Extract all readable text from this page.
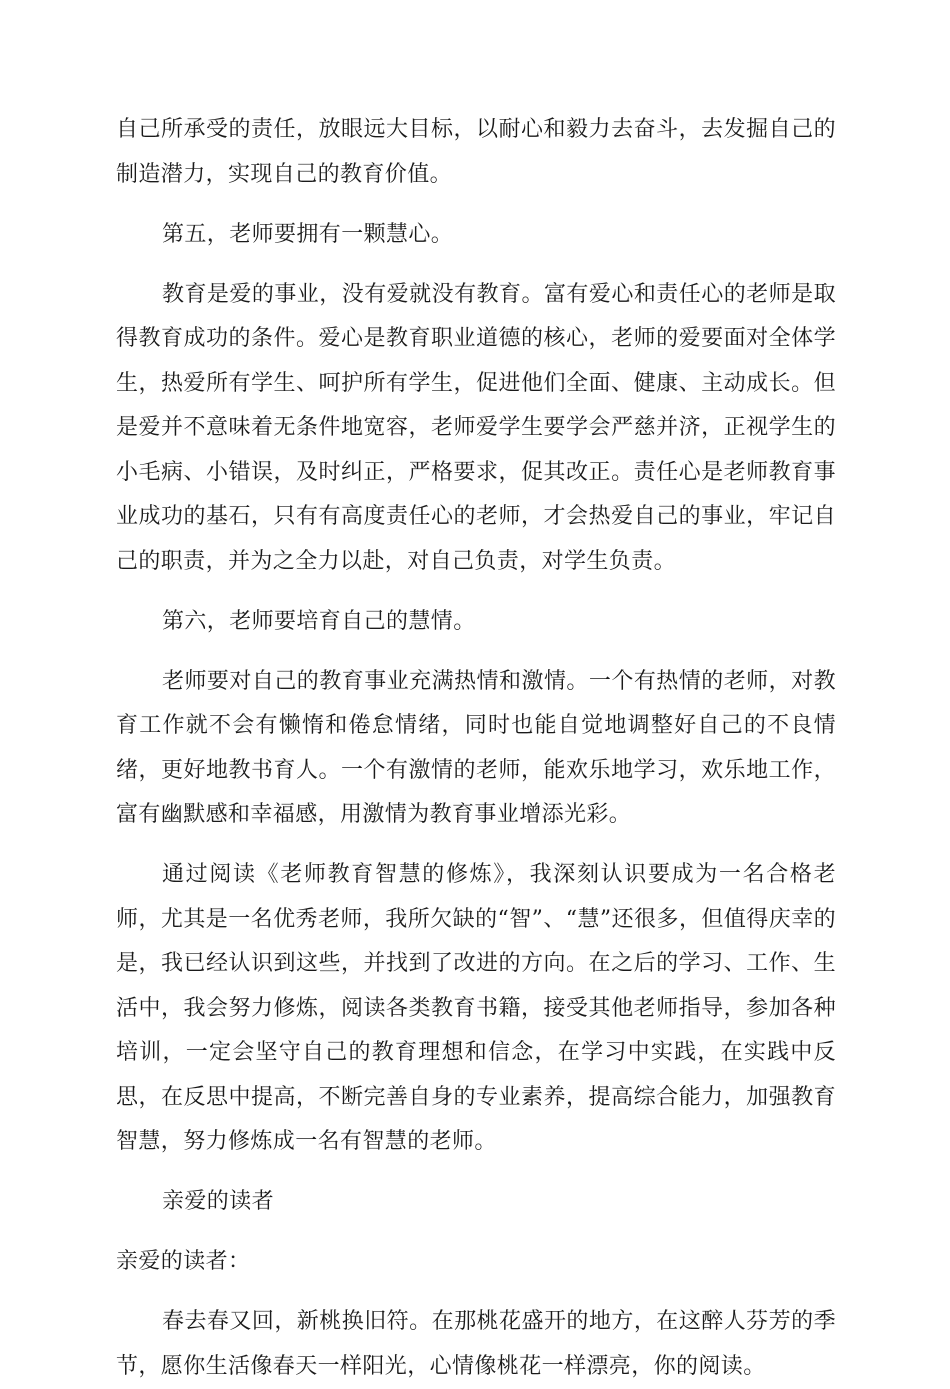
自己所承受的责任，放眼远大目标，以耐心和毅力去奋斗，去发掘自己的制造潜力，实现自己的教育价值。

第五，老师要拥有一颗慧心。

教育是爱的事业，没有爱就没有教育。富有爱心和责任心的老师是取得教育成功的条件。爱心是教育职业道德的核心，老师的爱要面对全体学生，热爱所有学生、呵护所有学生，促进他们全面、健康、主动成长。但是爱并不意味着无条件地宽容，老师爱学生要学会严慈并济，正视学生的小毛病、小错误，及时纠正，严格要求，促其改正。责任心是老师教育事业成功的基石，只有有高度责任心的老师，才会热爱自己的事业，牢记自己的职责，并为之全力以赴，对自己负责，对学生负责。

第六，老师要培育自己的慧情。

老师要对自己的教育事业充满热情和激情。一个有热情的老师，对教育工作就不会有懒惰和倦怠情绪，同时也能自觉地调整好自己的不良情绪，更好地教书育人。一个有激情的老师，能欢乐地学习，欢乐地工作，富有幽默感和幸福感，用激情为教育事业增添光彩。

通过阅读《老师教育智慧的修炼》，我深刻认识要成为一名合格老师，尤其是一名优秀老师，我所欠缺的“智”、“慧”还很多，但值得庆幸的是，我已经认识到这些，并找到了改进的方向。在之后的学习、工作、生活中，我会努力修炼，阅读各类教育书籍，接受其他老师指导，参加各种培训，一定会坚守自己的教育理想和信念，在学习中实践，在实践中反思，在反思中提高，不断完善自身的专业素养，提高综合能力，加强教育智慧，努力修炼成一名有智慧的老师。

亲爱的读者

亲爱的读者：

春去春又回，新桃换旧符。在那桃花盛开的地方，在这醉人芬芳的季节，愿你生活像春天一样阳光，心情像桃花一样漂亮，你的阅读。
